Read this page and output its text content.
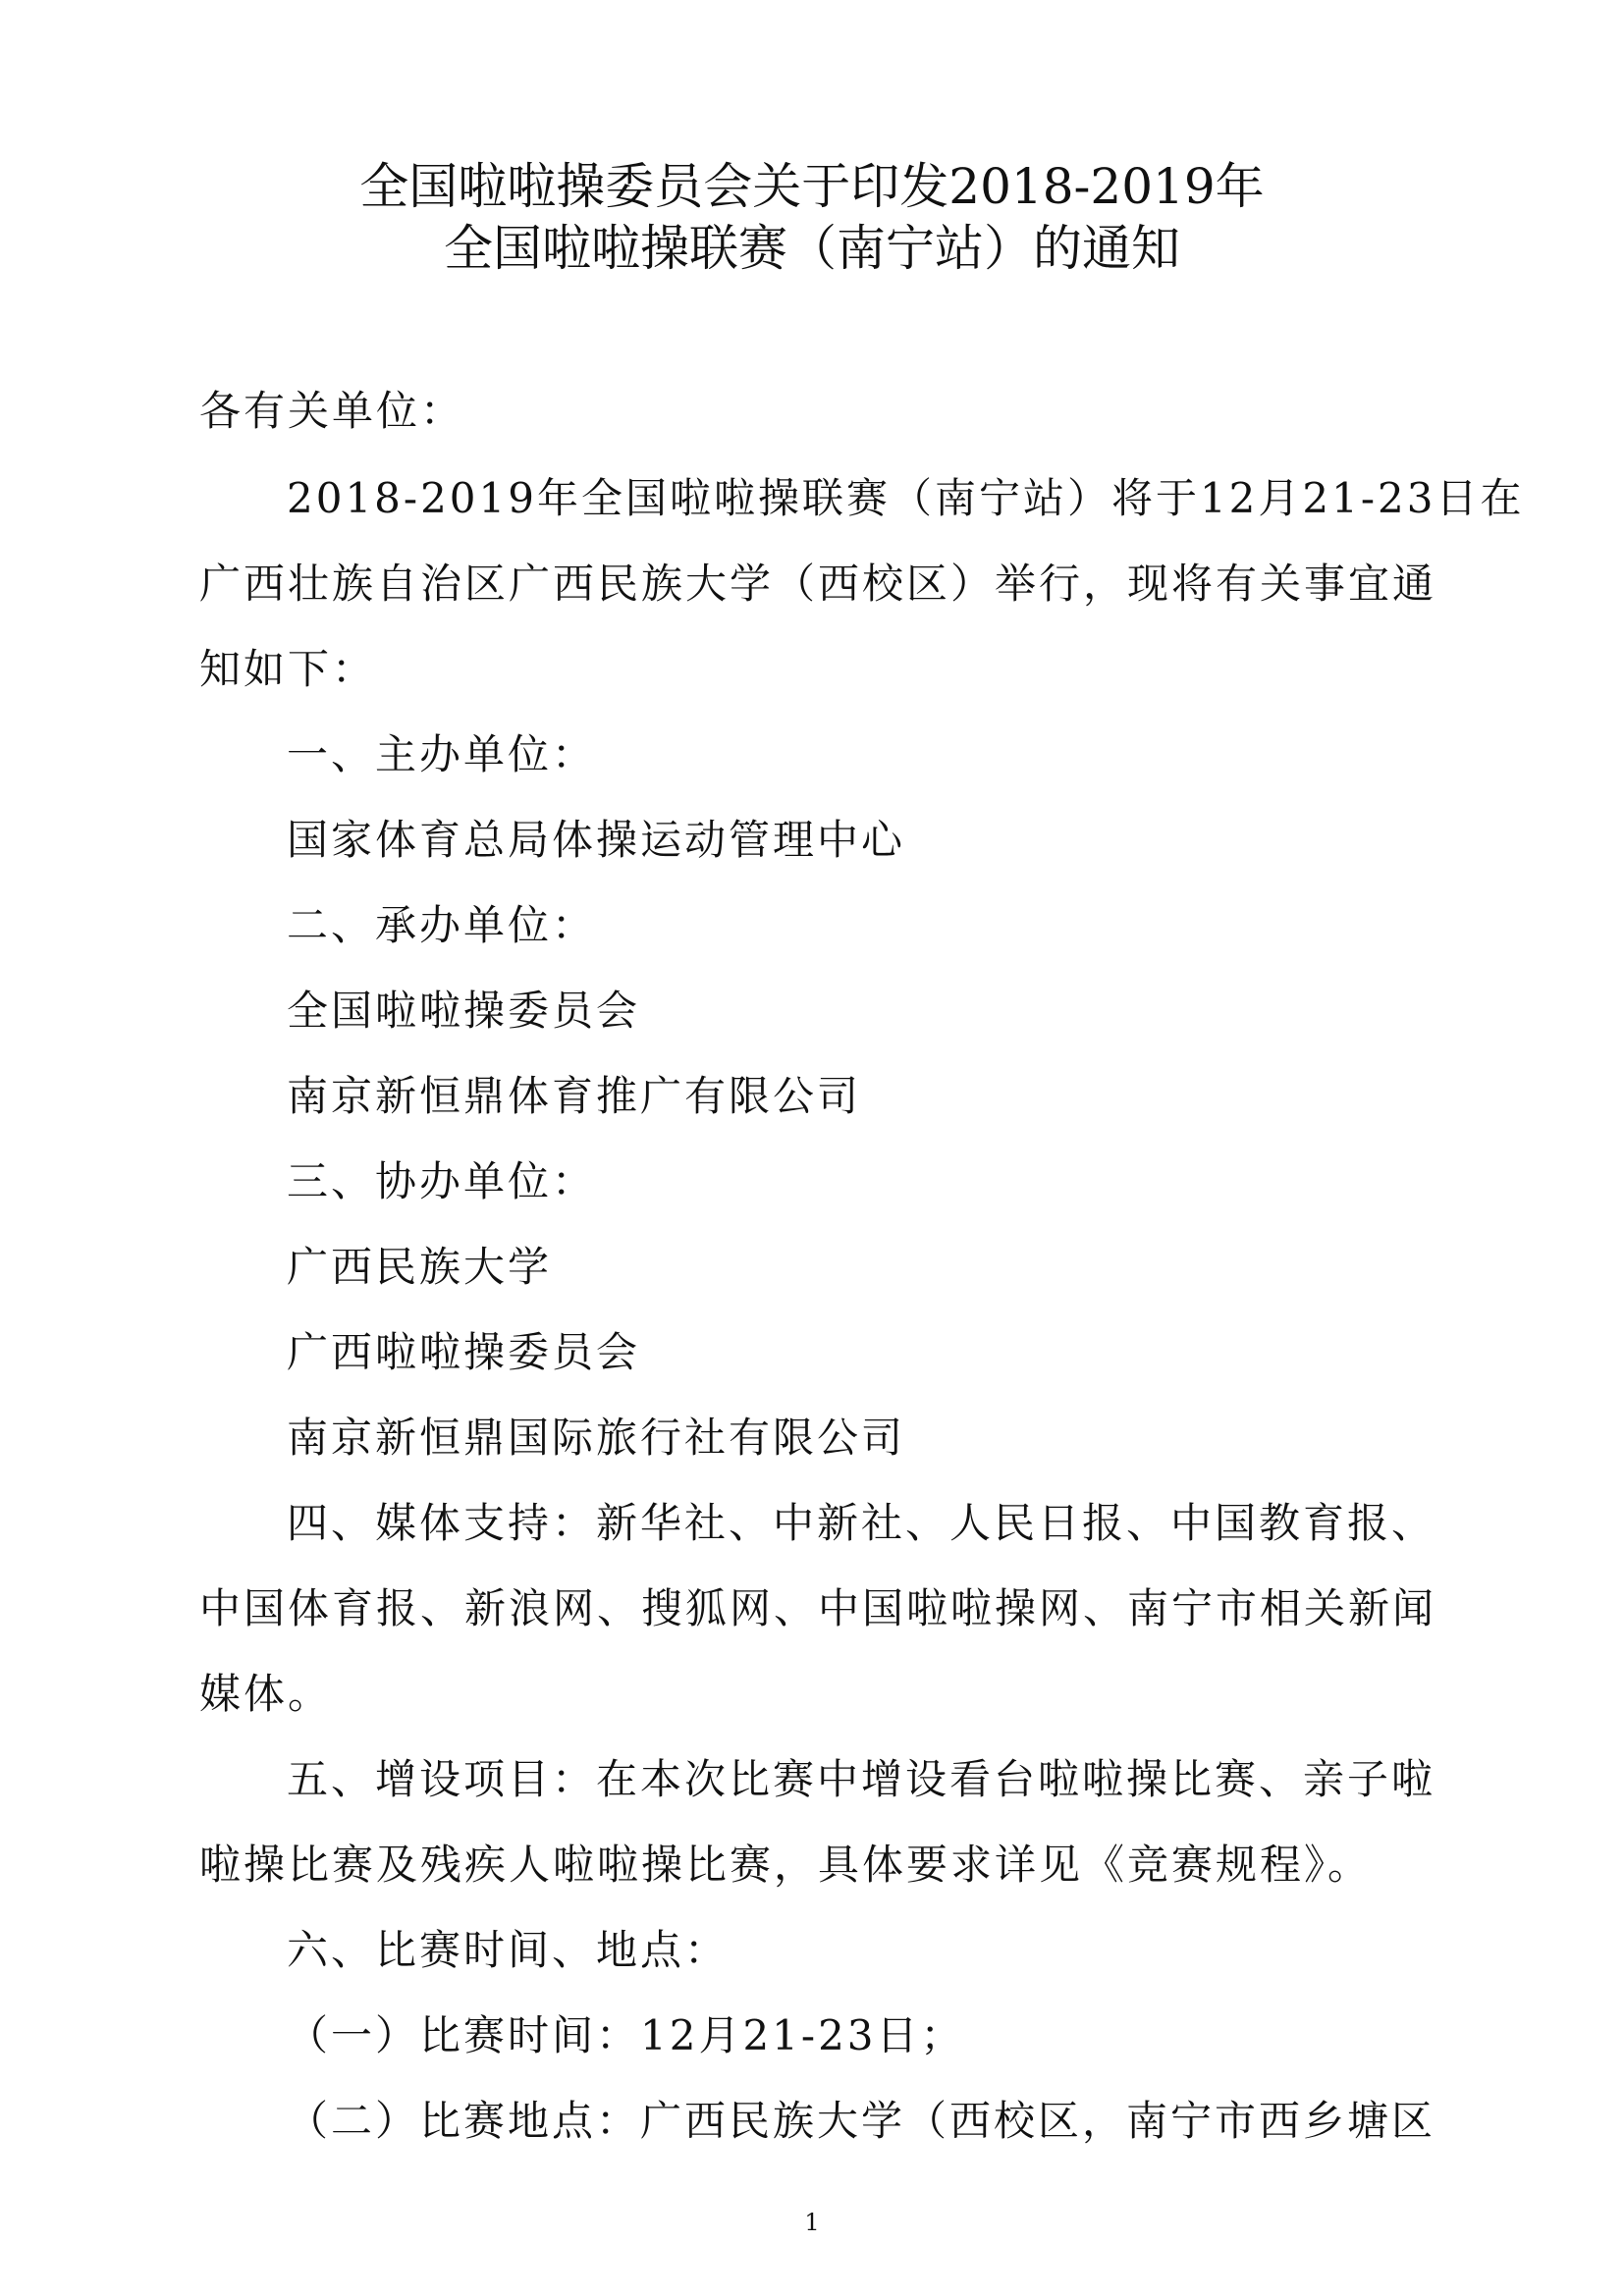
全国啦啦操委员会关于印发2018-2019年
全国啦啦操联赛（南宁站）的通知
各有关单位：
2018-2019年全国啦啦操联赛（南宁站）将于12月21-23日在
广西壮族自治区广西民族大学（西校区）举行，现将有关事宜通
知如下：
一、主办单位：
国家体育总局体操运动管理中心
二、承办单位：
全国啦啦操委员会
南京新恒鼎体育推广有限公司
三、协办单位：
广西民族大学
广西啦啦操委员会
南京新恒鼎国际旅行社有限公司
四、媒体支持：新华社、中新社、人民日报、中国教育报、
中国体育报、新浪网、搜狐网、中国啦啦操网、南宁市相关新闻
媒体。
五、增设项目：在本次比赛中增设看台啦啦操比赛、亲子啦
啦操比赛及残疾人啦啦操比赛，具体要求详见《竞赛规程》。
六、比赛时间、地点：
（一）比赛时间：12月21-23日；
（二）比赛地点：广西民族大学（西校区，南宁市西乡塘区
1
